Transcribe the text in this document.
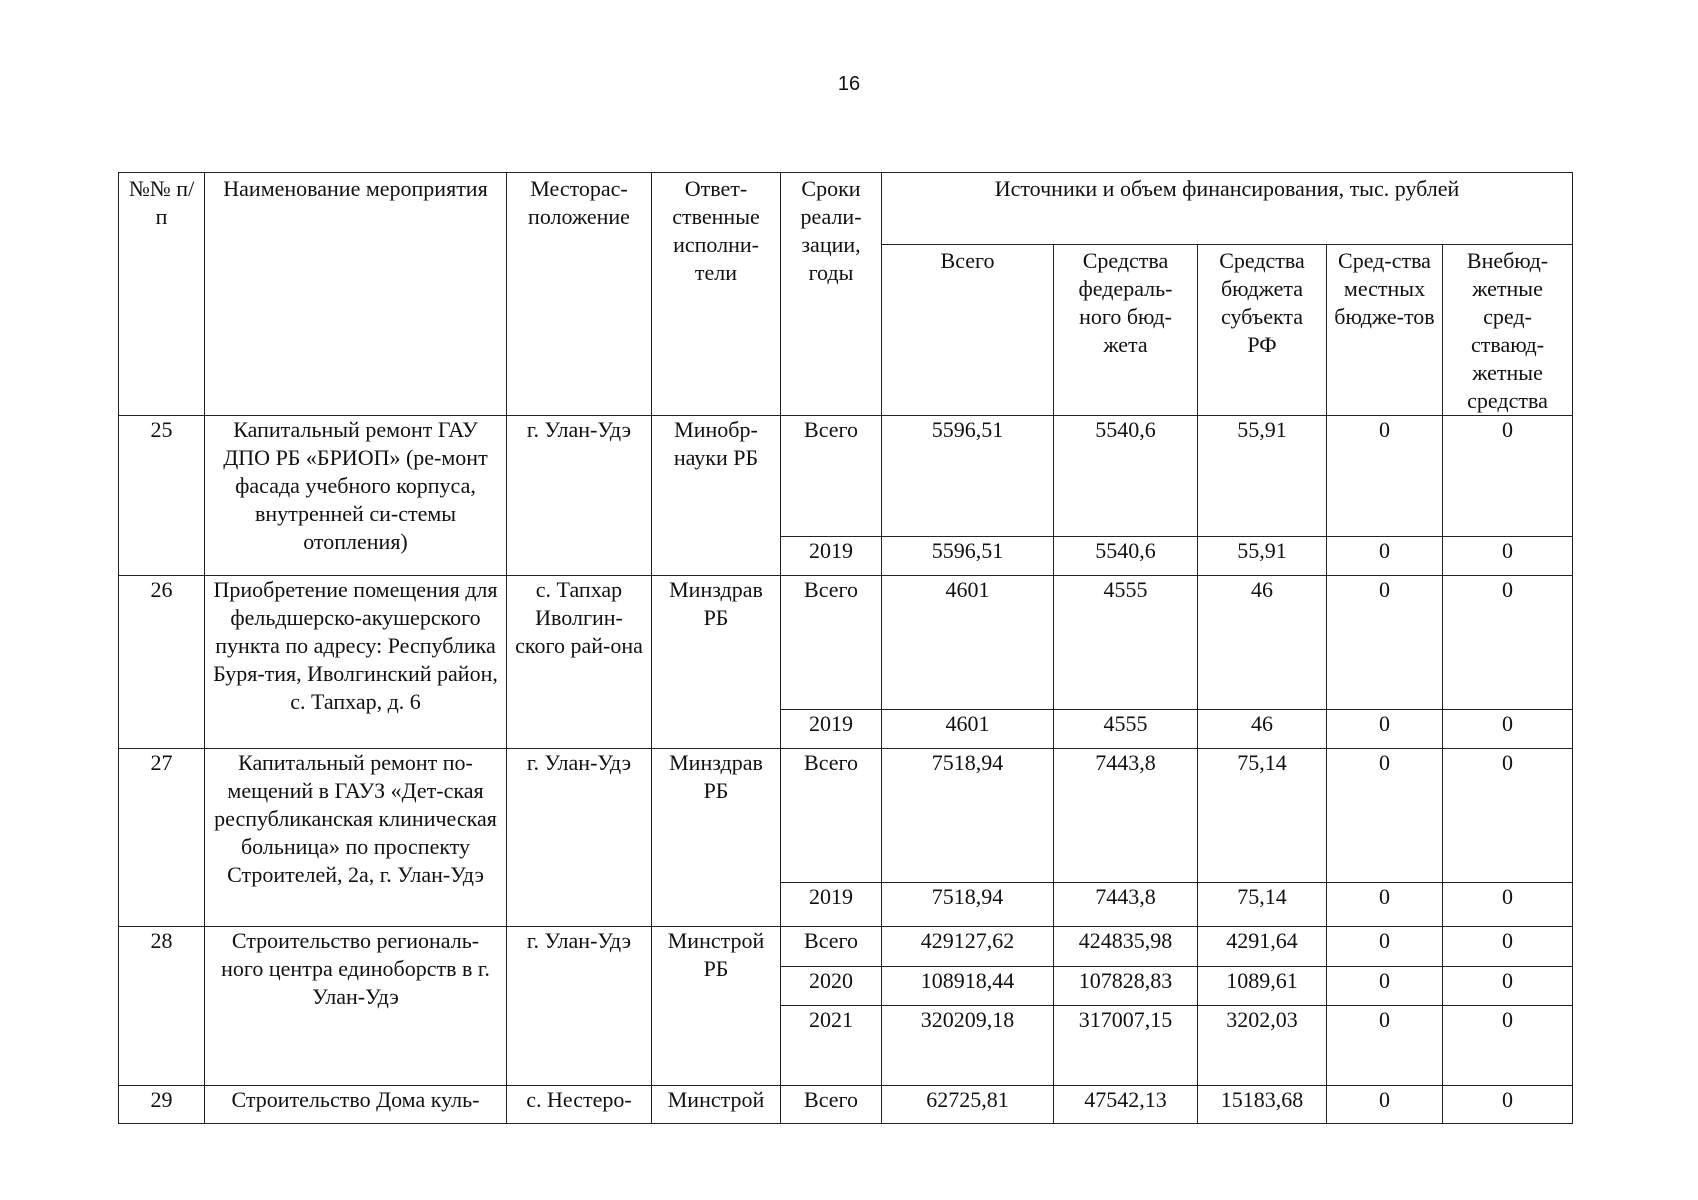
16
№№ п/п	Наименование мероприятия	Месторас-положение	Ответ-ственные исполни-тели	Сроки реали-зации, годы	Источники и объем финансирования, тыс. рублей				
					Всего	Средства федераль-ного бюд-жета	Средства бюджета субъекта РФ	Сред-ства местных бюдже-тов	Внебюд-жетные сред-стваюд-жетные средства
25	Капитальный ремонт ГАУ ДПО РБ «БРИОП» (ре-монт фасада учебного корпуса, внутренней си-стемы отопления)	г. Улан-Удэ	Минобр-науки РБ	Всего	5596,51	5540,6	55,91	0	0
				2019	5596,51	5540,6	55,91	0	0
26	Приобретение помещения для фельдшерско-акушерского пункта по адресу: Республика Буря-тия, Иволгинский район, с. Тапхар, д. 6	с. Тапхар Иволгин-ского рай-она	Минздрав РБ	Всего	4601	4555	46	0	0
				2019	4601	4555	46	0	0
27	Капитальный ремонт по-мещений в ГАУЗ «Дет-ская республиканская клиническая больница» по проспекту Строителей, 2а, г. Улан-Удэ	г. Улан-Удэ	Минздрав РБ	Всего	7518,94	7443,8	75,14	0	0
				2019	7518,94	7443,8	75,14	0	0
28	Строительство региональ-ного центра единоборств в г. Улан-Удэ	г. Улан-Удэ	Минстрой РБ	Всего	429127,62	424835,98	4291,64	0	0
				2020	108918,44	107828,83	1089,61	0	0
				2021	320209,18	317007,15	3202,03	0	0
29	Строительство Дома куль-	с. Нестеро-	Минстрой	Всего	62725,81	47542,13	15183,68	0	0
